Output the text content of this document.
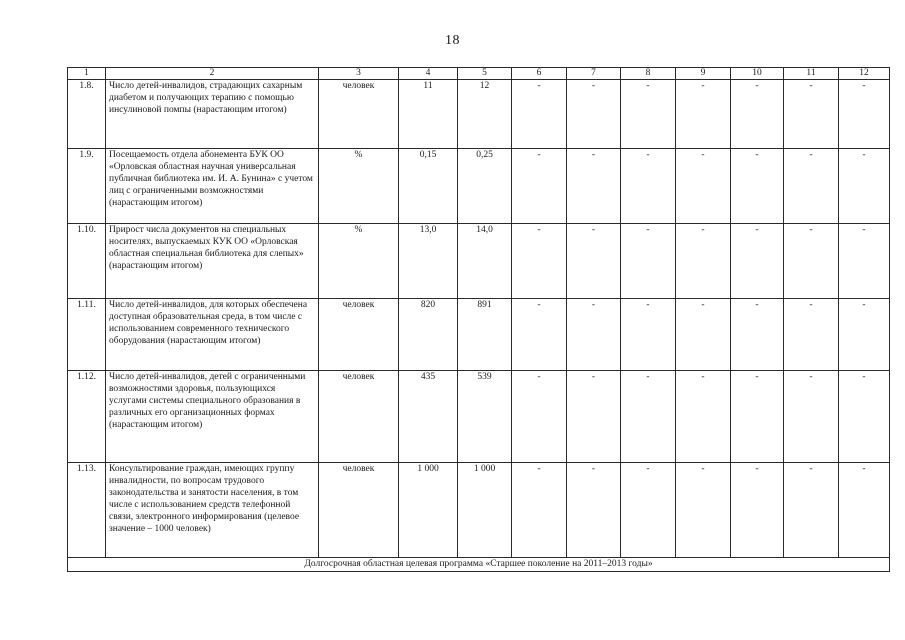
18
1	2	3	4	5	6	7	8	9	10	11	12
1.8.	Число детей-инвалидов, страдающих сахарным диабетом и получающих терапию с помощью инсулиновой помпы (нарастающим итогом)	человек	11	12	-	-	-	-	-	-	-
1.9.	Посещаемость отдела абонемента БУК ОО «Орловская областная научная универсальная публичная библиотека им. И. А. Бунина» с учетом лиц с ограниченными возможностями (нарастающим итогом)	%	0,15	0,25	-	-	-	-	-	-	-
1.10.	Прирост числа документов на специальных носителях, выпускаемых КУК ОО «Орловская областная специальная библиотека для слепых» (нарастающим итогом)	%	13,0	14,0	-	-	-	-	-	-	-
1.11.	Число детей-инвалидов, для которых обеспечена доступная образовательная среда, в том числе с использованием современного технического оборудования (нарастающим итогом)	человек	820	891	-	-	-	-	-	-	-
1.12.	Число детей-инвалидов, детей с ограниченными возможностями здоровья, пользующихся услугами системы специального образования в различных его организационных формах (нарастающим итогом)	человек	435	539	-	-	-	-	-	-	-
1.13.	Консультирование граждан, имеющих группу инвалидности, по вопросам трудового законодательства и занятости населения, в том числе с использованием средств телефонной связи, электронного информирования (целевое значение – 1000 человек)	человек	1 000	1 000	-	-	-	-	-	-	-
Долгосрочная областная целевая программа «Старшее поколение на 2011–2013 годы»											
